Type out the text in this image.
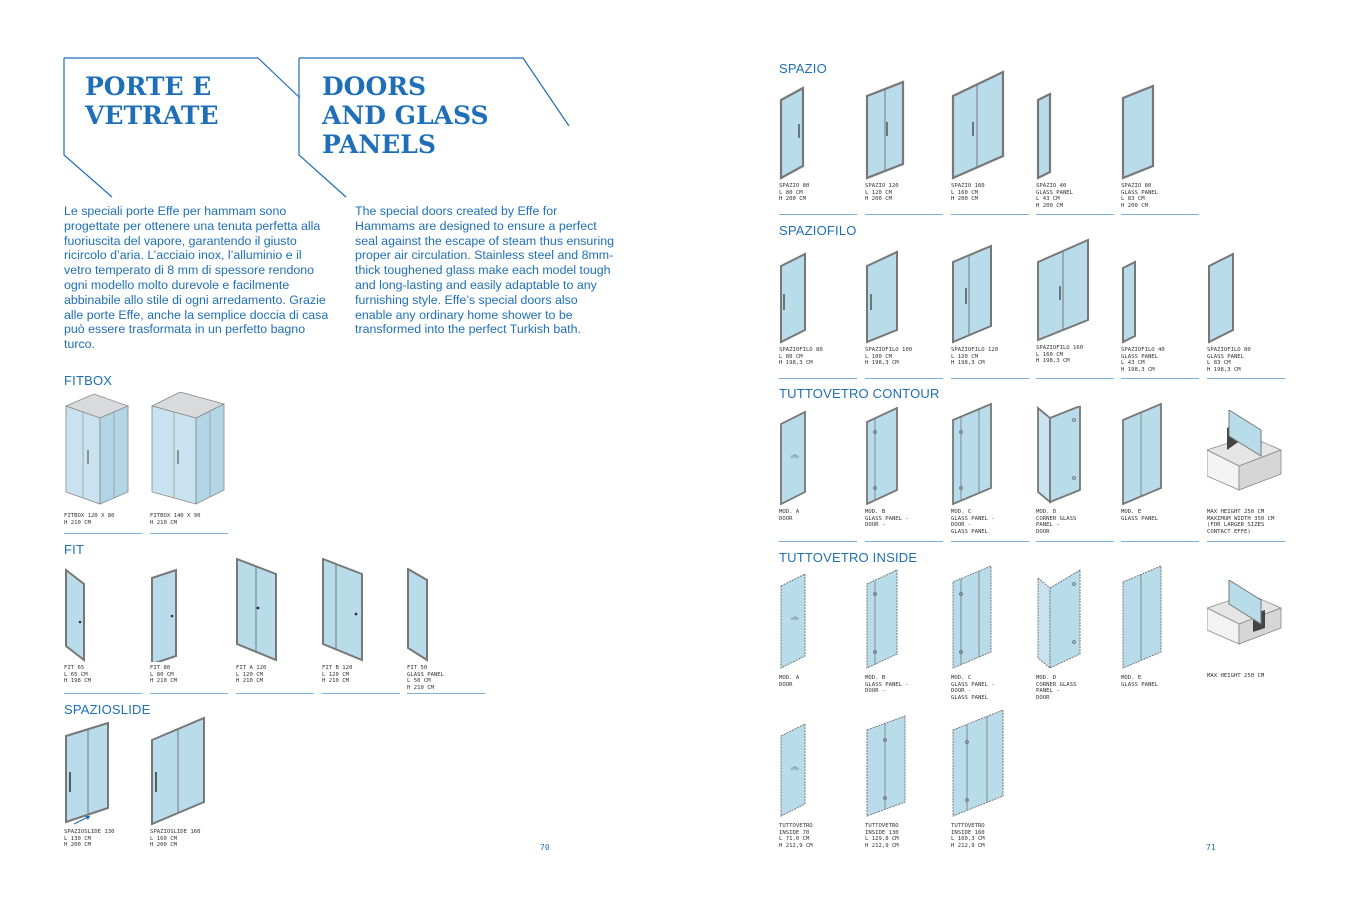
PORTE E
VETRATE
DOORS
AND GLASS
PANELS
Le speciali porte Effe per hammam sono progettate per ottenere una tenuta perfetta alla fuoriuscita del vapore, garantendo il giusto ricircolo d’aria. L’acciaio inox, l’alluminio e il vetro temperato di 8 mm di spessore rendono ogni modello molto durevole e facilmente abbinabile allo stile di ogni arredamento. Grazie alle porte Effe, anche la semplice doccia di casa può essere trasformata in un perfetto bagno turco.
The special doors created by Effe for Hammams are designed to ensure a perfect seal against the escape of steam thus ensuring proper air circulation. Stainless steel and 8mm-thick toughened glass make each model tough and long-lasting and easily adaptable to any furnishing style. Effe’s special doors also enable any ordinary home shower to be transformed into the perfect Turkish bath.
FITBOX
FITBOX 120 X 80
H 210 CM
FITBOX 140 X 90
H 210 CM
FIT
FIT 65
L 65 CM
H 198 CM
FIT 80
L 80 CM
H 210 CM
FIT A 120
L 120 CM
H 210 CM
FIT B 120
L 120 CM
H 210 CM
FIT 50
GLASS PANEL
L 50 CM
H 210 CM
SPAZIOSLIDE
SPAZIOSLIDE 130
L 130 CM
H 200 CM
SPAZIOSLIDE 160
L 160 CM
H 200 CM	70
SPAZIO
SPAZIO 80
L 80 CM
H 200 CM
SPAZIO 120
L 120 CM
H 200 CM
SPAZIO 160
L 160 CM
H 200 CM
SPAZIO 40
GLASS PANEL
L 43 CM
H 200 CM
SPAZIO 80
GLASS PANEL
L 83 CM
H 200 CM
SPAZIOFILO
SPAZIOFILO 80
L 80 CM
H 198,3 CM
SPAZIOFILO 100
L 100 CM
H 198,3 CM
SPAZIOFILO 120
L 120 CM
H 198,3 CM
SPAZIOFILO 160
L 160 CM
H 198,3 CM
SPAZIOFILO 40
GLASS PANEL
L 43 CM
H 198,3 CM
SPAZIOFILO 80
GLASS PANEL
L 83 CM
H 198,3 CM
TUTTOVETRO CONTOUR
effe
MOD. A
DOOR
MOD. B
GLASS PANEL -
DOOR -
MOD. C
GLASS PANEL -
DOOR -
GLASS PANEL
MOD. D
CORNER GLASS
PANEL -
DOOR
MOD. E
GLASS PANEL
MAX HEIGHT 250 CM
MAXIMUM WIDTH 350 CM
(FOR LARGER SIZES
CONTACT EFFE)
TUTTOVETRO INSIDE
effe
MOD. A
DOOR
MOD. B
GLASS PANEL -
DOOR -
MOD. C
GLASS PANEL -
DOOR -
GLASS PANEL
MOD. D
CORNER GLASS
PANEL -
DOOR
MOD. E
GLASS PANEL
MAX HEIGHT 250 CM
effe
TUTTOVETRO
INSIDE 70
L 71,0 CM
H 212,9 CM
TUTTOVETRO
INSIDE 130
L 129,8 CM
H 212,9 CM
TUTTOVETRO
INSIDE 160
L 160,3 CM
H 212,9 CM	71
